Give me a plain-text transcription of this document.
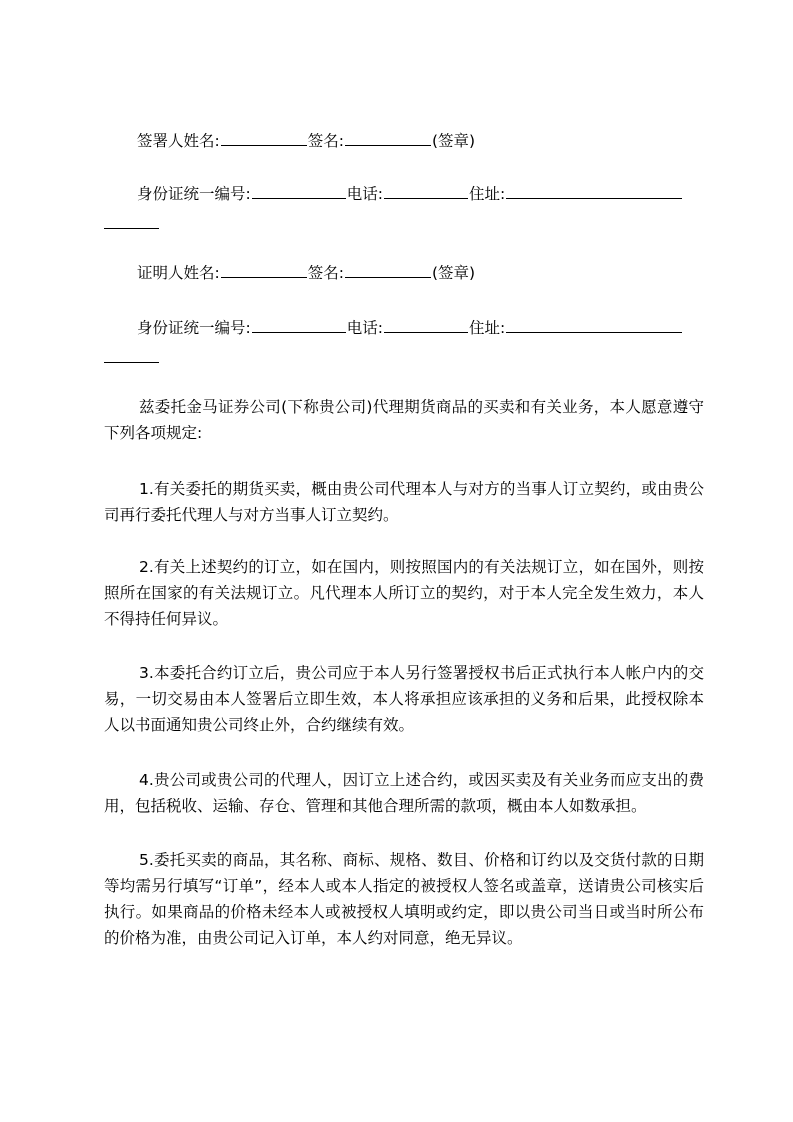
签署人姓名:	签名:	(签章)
身份证统一编号:	电话:	住址:
证明人姓名:	签名:	(签章)
身份证统一编号:	电话:	住址:

兹委托金马证券公司(下称贵公司)代理期货商品的买卖和有关业务，本人愿意遵守下列各项规定:

1.有关委托的期货买卖，概由贵公司代理本人与对方的当事人订立契约，或由贵公司再行委托代理人与对方当事人订立契约。

2.有关上述契约的订立，如在国内，则按照国内的有关法规订立，如在国外，则按照所在国家的有关法规订立。凡代理本人所订立的契约，对于本人完全发生效力，本人不得持任何异议。

3.本委托合约订立后，贵公司应于本人另行签署授权书后正式执行本人帐户内的交易，一切交易由本人签署后立即生效，本人将承担应该承担的义务和后果，此授权除本人以书面通知贵公司终止外，合约继续有效。

4.贵公司或贵公司的代理人，因订立上述合约，或因买卖及有关业务而应支出的费用，包括税收、运输、存仓、管理和其他合理所需的款项，概由本人如数承担。

5.委托买卖的商品，其名称、商标、规格、数目、价格和订约以及交货付款的日期等均需另行填写“订单”，经本人或本人指定的被授权人签名或盖章，送请贵公司核实后执行。如果商品的价格未经本人或被授权人填明或约定，即以贵公司当日或当时所公布的价格为准，由贵公司记入订单，本人约对同意，绝无异议。
